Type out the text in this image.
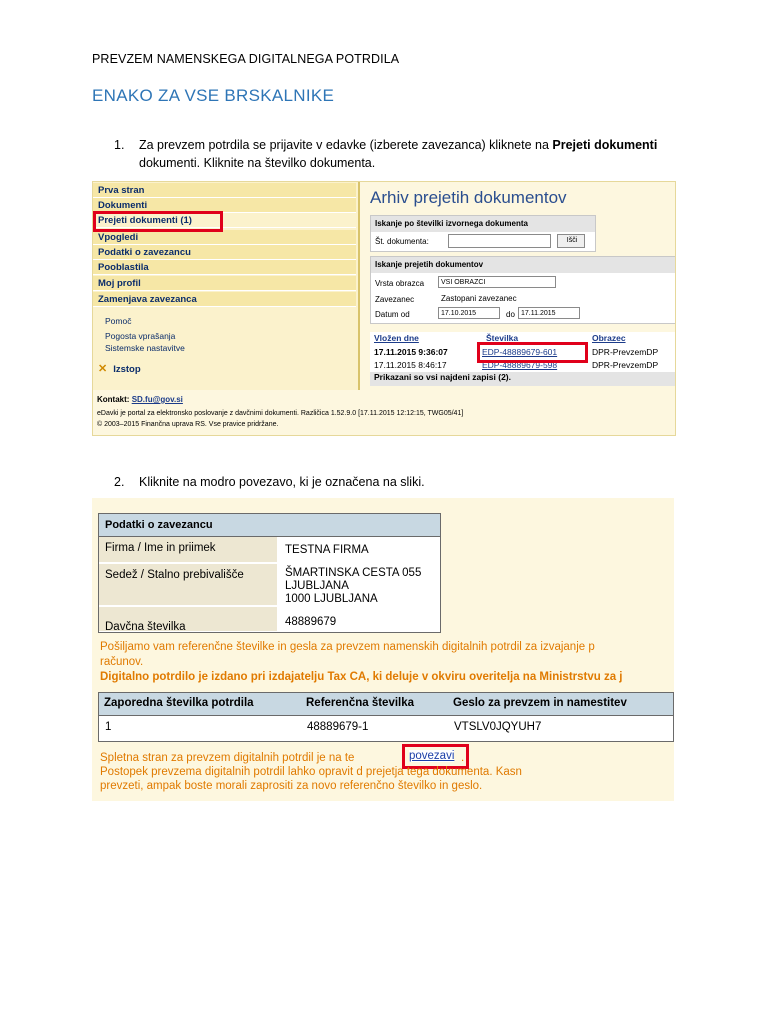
PREVZEM NAMENSKEGA DIGITALNEGA POTRDILA
ENAKO ZA VSE BRSKALNIKE
1. Za prevzem potrdila se prijavite v edavke (izberete zavezanca) kliknete na Prejeti dokumenti
dokumenti. Kliknite na številko dokumenta.
Prva stran
Dokumenti
Prejeti dokumenti (1)
Vpogledi
Podatki o zavezancu
Pooblastila
Moj profil
Zamenjava zavezanca
Pomoč
Pogosta vprašanja
Sistemske nastavitve
✕ Izstop
Arhiv prejetih dokumentov
Iskanje po številki izvornega dokumenta
Št. dokumenta:	Išči
Iskanje prejetih dokumentov
Vrsta obrazca	VSI OBRAZCI
Zavezanec	Zastopani zavezanec
Datum od	17.10.2015	do 17.11.2015
Vložen dne	Številka	Obrazec
17.11.2015 9:36:07	EDP-48889679-601	DPR-PrevzemDP
17.11.2015 8:46:17	EDP-48889679-598	DPR-PrevzemDP
Prikazani so vsi najdeni zapisi (2).
Kontakt: SD.fu@gov.si
eDavki je portal za elektronsko poslovanje z davčnimi dokumenti. Različica 1.52.9.0 [17.11.2015 12:12:15, TWG05/41]
© 2003–2015 Finančna uprava RS. Vse pravice pridržane.
2. Kliknite na modro povezavo, ki je označena na sliki.
Podatki o zavezancu
Firma / Ime in priimek	TESTNA FIRMA
Sedež / Stalno prebivališče	ŠMARTINSKA CESTA 055
LJUBLJANA
1000 LJUBLJANA
Davčna številka	48889679
Pošiljamo vam referenčne številke in gesla za prevzem namenskih digitalnih potrdil za izvajanje p
računov.
Digitalno potrdilo je izdano pri izdajatelju Tax CA, ki deluje v okviru overitelja na Ministrstvu za j
Zaporedna številka potrdila	Referenčna številka	Geslo za prevzem in namestitev
1	48889679-1	VTSLV0JQYUH7
Spletna stran za prevzem digitalnih potrdil je na te	povezavi .
Postopek prevzema digitalnih potrdil lahko opravit d prejetja tega dokumenta. Kasn
prevzeti, ampak boste morali zaprositi za novo referenčno številko in geslo.
